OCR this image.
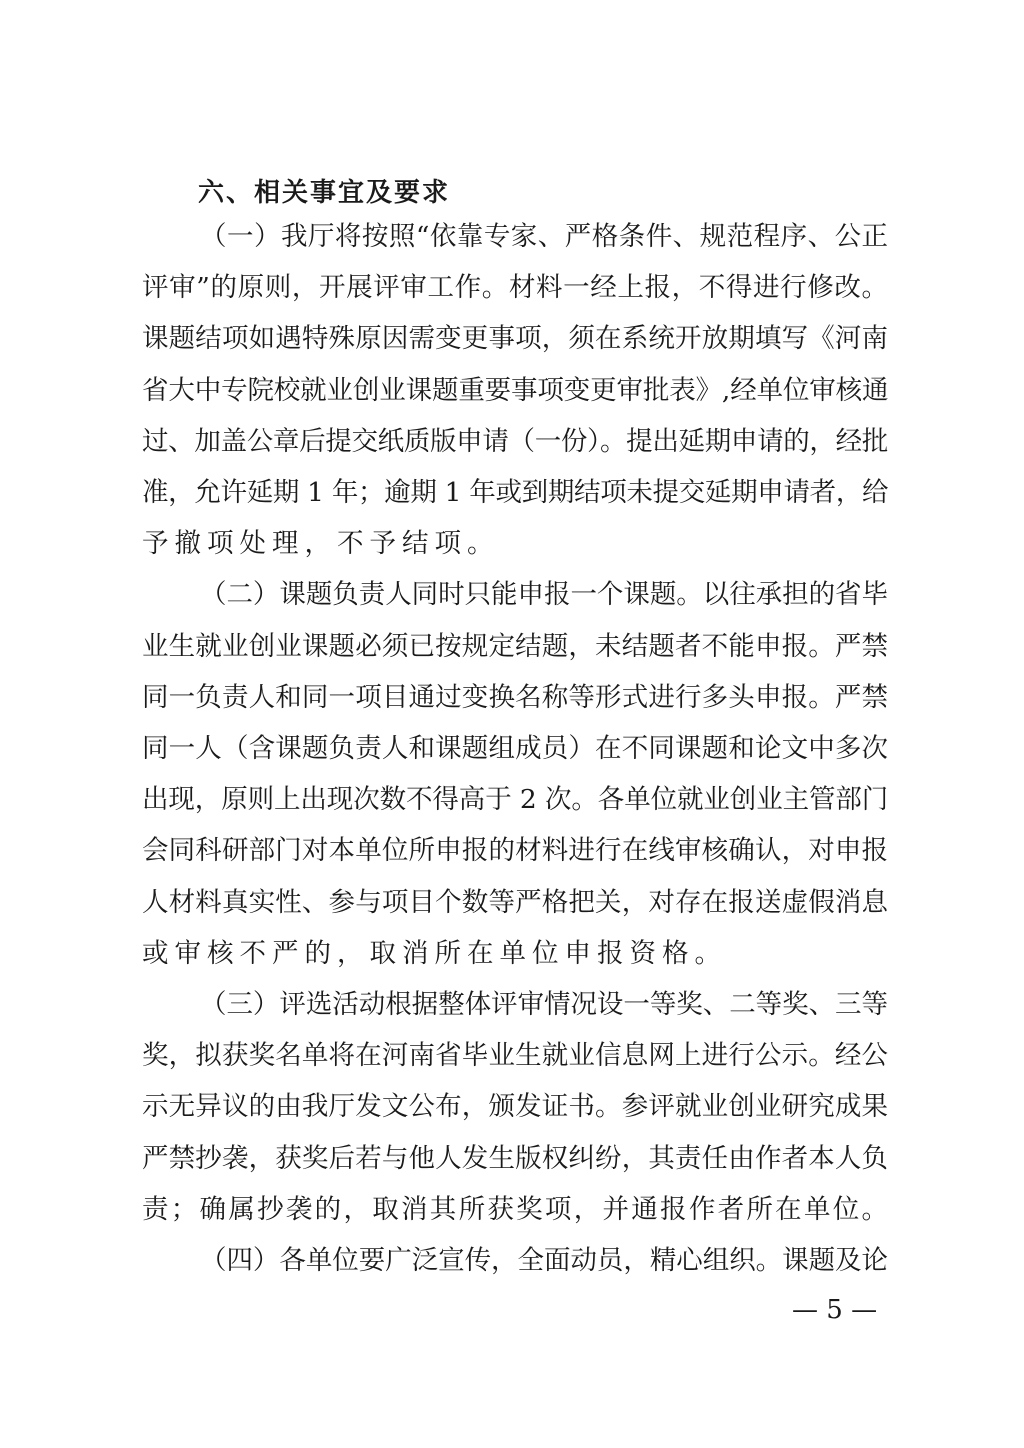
六、相关事宜及要求
（一）我厅将按照“依靠专家、严格条件、规范程序、公正
评审”的原则，开展评审工作。材料一经上报，不得进行修改。
课题结项如遇特殊原因需变更事项，须在系统开放期填写《河南
省大中专院校就业创业课题重要事项变更审批表》,经单位审核通
过、加盖公章后提交纸质版申请（一份）。提出延期申请的，经批
准，允许延期 1 年；逾期 1 年或到期结项未提交延期申请者，给
予撤项处理，不予结项。
（二）课题负责人同时只能申报一个课题。以往承担的省毕
业生就业创业课题必须已按规定结题，未结题者不能申报。严禁
同一负责人和同一项目通过变换名称等形式进行多头申报。严禁
同一人（含课题负责人和课题组成员）在不同课题和论文中多次
出现，原则上出现次数不得高于 2 次。各单位就业创业主管部门
会同科研部门对本单位所申报的材料进行在线审核确认，对申报
人材料真实性、参与项目个数等严格把关，对存在报送虚假消息
或审核不严的，取消所在单位申报资格。
（三）评选活动根据整体评审情况设一等奖、二等奖、三等
奖，拟获奖名单将在河南省毕业生就业信息网上进行公示。经公
示无异议的由我厅发文公布，颁发证书。参评就业创业研究成果
严禁抄袭，获奖后若与他人发生版权纠纷，其责任由作者本人负
责；确属抄袭的，取消其所获奖项，并通报作者所在单位。
（四）各单位要广泛宣传，全面动员，精心组织。课题及论
— 5 —
